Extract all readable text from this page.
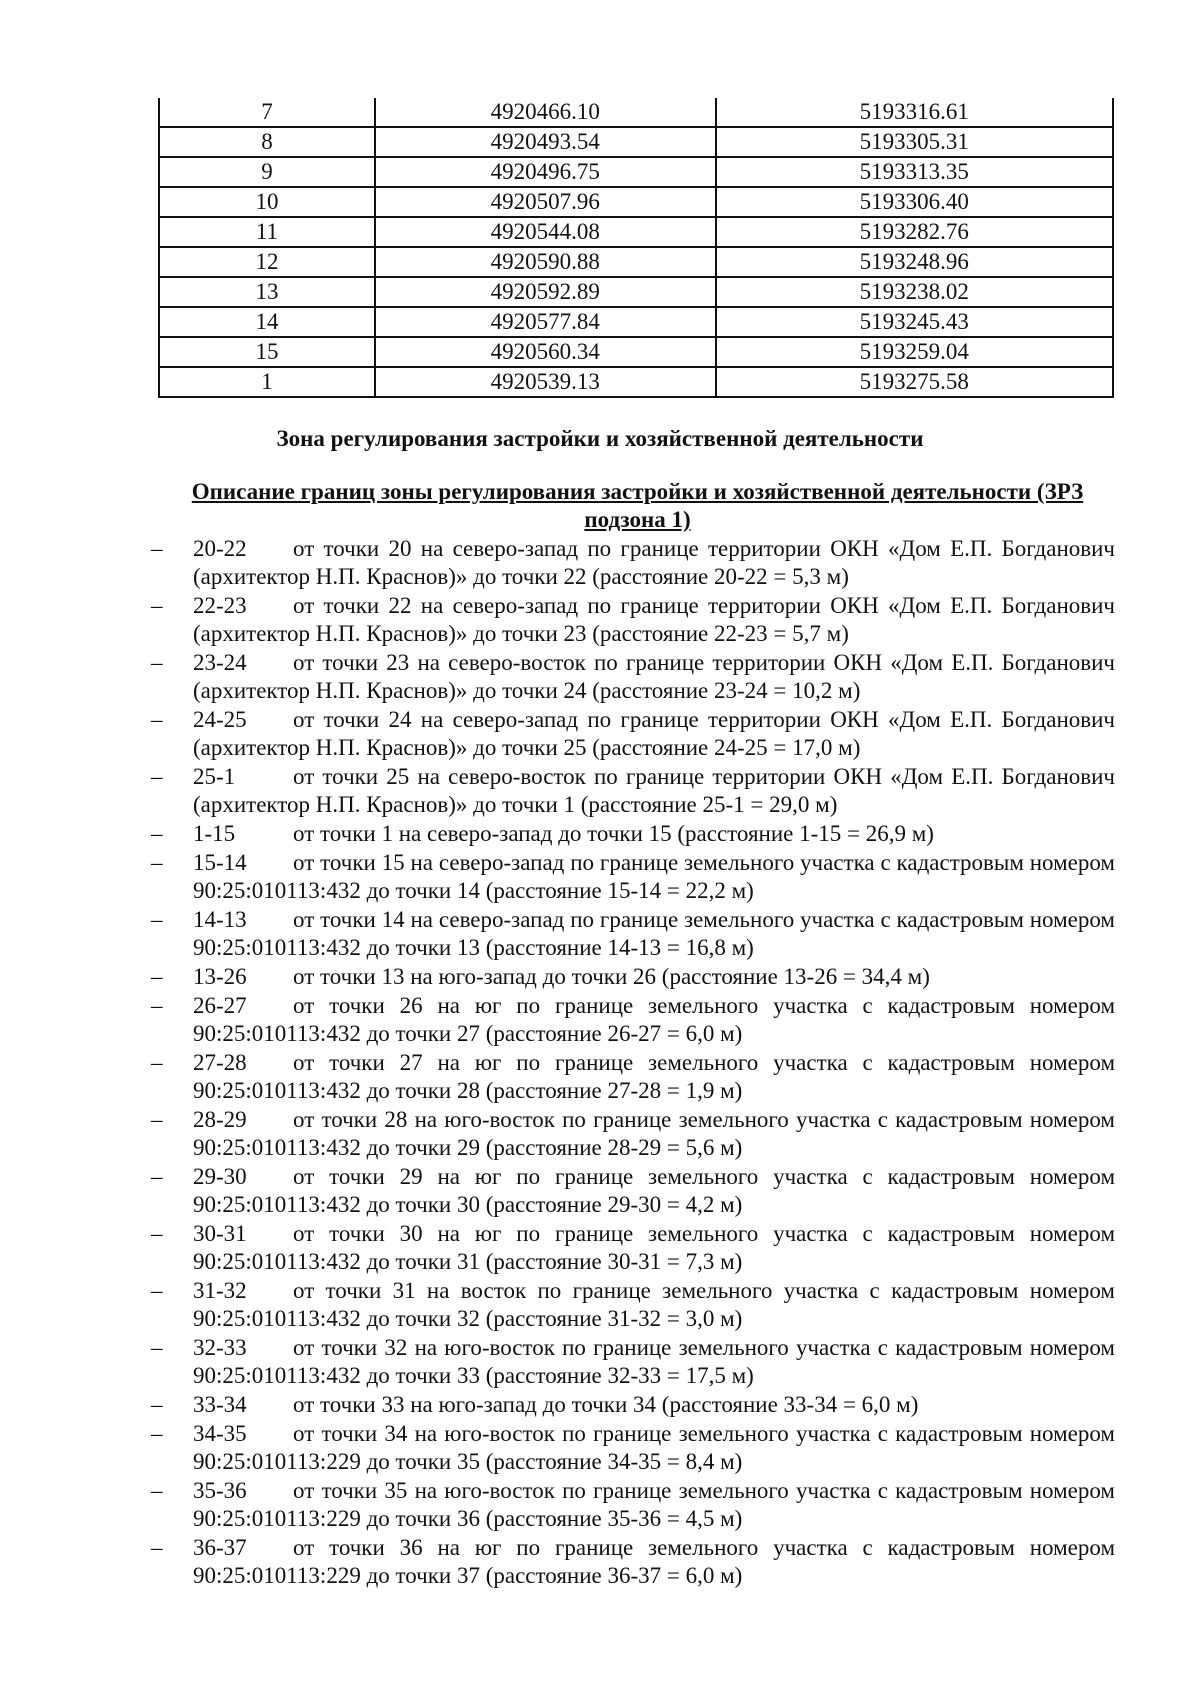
7	4920466.10	5193316.61
8	4920493.54	5193305.31
9	4920496.75	5193313.35
10	4920507.96	5193306.40
11	4920544.08	5193282.76
12	4920590.88	5193248.96
13	4920592.89	5193238.02
14	4920577.84	5193245.43
15	4920560.34	5193259.04
1	4920539.13	5193275.58
Зона регулирования застройки и хозяйственной деятельности
Описание границ зоны регулирования застройки и хозяйственной деятельности (ЗРЗ подзона 1)
– 20-22 от точки 20 на северо-запад по границе территории ОКН «Дом Е.П. Богданович (архитектор Н.П. Краснов)» до точки 22 (расстояние 20-22 = 5,3 м)
– 22-23 от точки 22 на северо-запад по границе территории ОКН «Дом Е.П. Богданович (архитектор Н.П. Краснов)» до точки 23 (расстояние 22-23 = 5,7 м)
– 23-24 от точки 23 на северо-восток по границе территории ОКН «Дом Е.П. Богданович (архитектор Н.П. Краснов)» до точки 24 (расстояние 23-24 = 10,2 м)
– 24-25 от точки 24 на северо-запад по границе территории ОКН «Дом Е.П. Богданович (архитектор Н.П. Краснов)» до точки 25 (расстояние 24-25 = 17,0 м)
– 25-1	от точки 25 на северо-восток по границе территории ОКН «Дом Е.П. Богданович (архитектор Н.П. Краснов)» до точки 1 (расстояние 25-1 = 29,0 м)
– 1-15	от точки 1 на северо-запад до точки 15 (расстояние 1-15 = 26,9 м)
– 15-14 от точки 15 на северо-запад по границе земельного участка с кадастровым номером 90:25:010113:432 до точки 14 (расстояние 15-14 = 22,2 м)
– 14-13 от точки 14 на северо-запад по границе земельного участка с кадастровым номером 90:25:010113:432 до точки 13 (расстояние 14-13 = 16,8 м)
– 13-26 от точки 13 на юго-запад до точки 26 (расстояние 13-26 = 34,4 м)
– 26-27 от точки 26 на юг по границе земельного участка с кадастровым номером 90:25:010113:432 до точки 27 (расстояние 26-27 = 6,0 м)
– 27-28 от точки 27 на юг по границе земельного участка с кадастровым номером 90:25:010113:432 до точки 28 (расстояние 27-28 = 1,9 м)
– 28-29 от точки 28 на юго-восток по границе земельного участка с кадастровым номером 90:25:010113:432 до точки 29 (расстояние 28-29 = 5,6 м)
– 29-30 от точки 29 на юг по границе земельного участка с кадастровым номером 90:25:010113:432 до точки 30 (расстояние 29-30 = 4,2 м)
– 30-31 от точки 30 на юг по границе земельного участка с кадастровым номером 90:25:010113:432 до точки 31 (расстояние 30-31 = 7,3 м)
– 31-32 от точки 31 на восток по границе земельного участка с кадастровым номером 90:25:010113:432 до точки 32 (расстояние 31-32 = 3,0 м)
– 32-33 от точки 32 на юго-восток по границе земельного участка с кадастровым номером 90:25:010113:432 до точки 33 (расстояние 32-33 = 17,5 м)
– 33-34 от точки 33 на юго-запад до точки 34 (расстояние 33-34 = 6,0 м)
– 34-35 от точки 34 на юго-восток по границе земельного участка с кадастровым номером 90:25:010113:229 до точки 35 (расстояние 34-35 = 8,4 м)
– 35-36 от точки 35 на юго-восток по границе земельного участка с кадастровым номером 90:25:010113:229 до точки 36 (расстояние 35-36 = 4,5 м)
– 36-37 от точки 36 на юг по границе земельного участка с кадастровым номером 90:25:010113:229 до точки 37 (расстояние 36-37 = 6,0 м)
